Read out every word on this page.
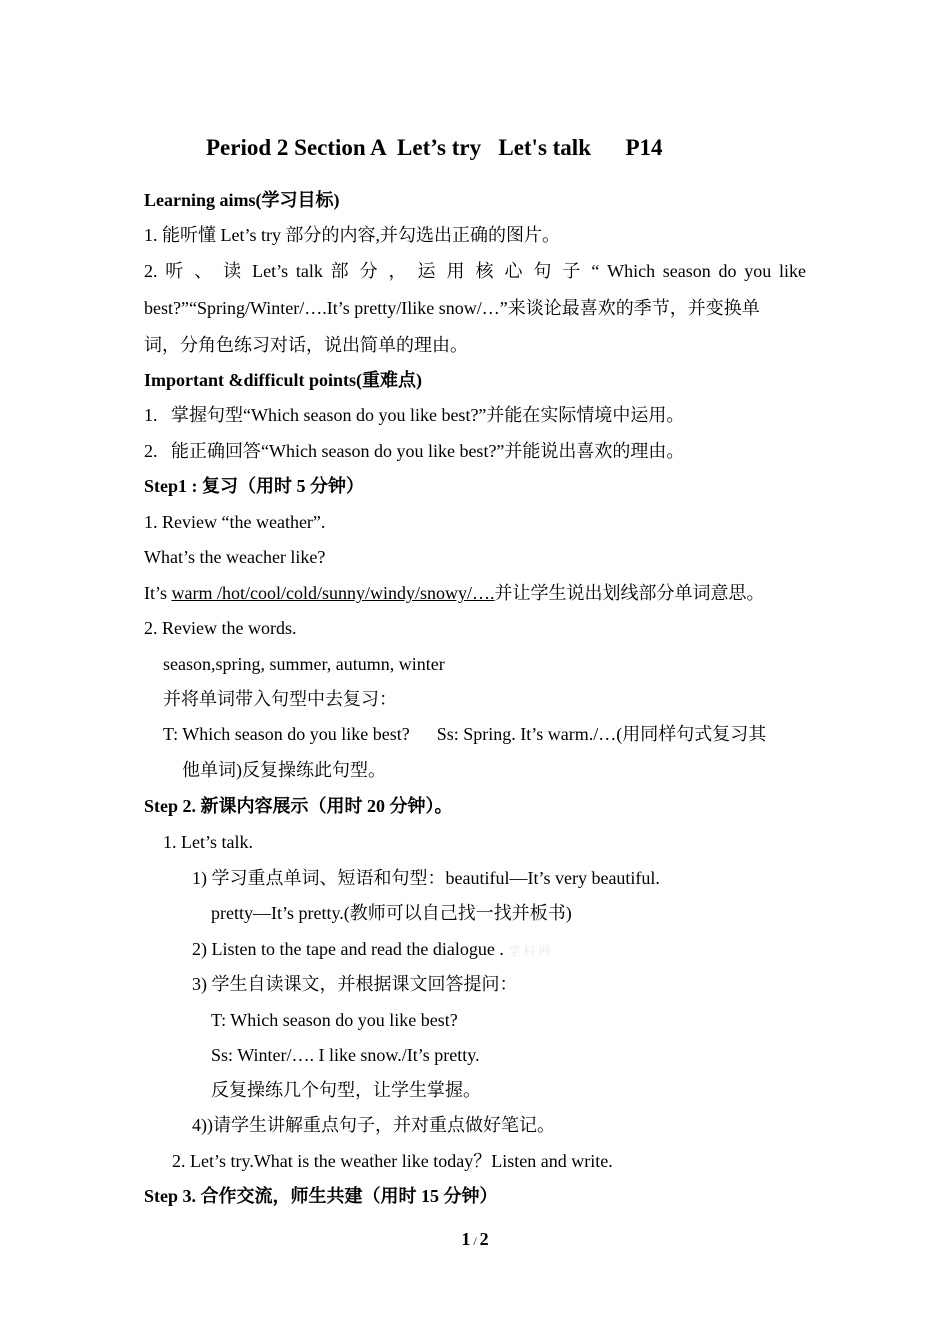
Period 2 Section A  Let’s try   Let's talk      P14
Learning aims(学习目标)
1. 能听懂 Let’s try 部分的内容,并勾选出正确的图片。
2. 听 、 读 Let’s talk 部 分 ， 运 用 核 心 句 子 “ Which season do you like
best?”“Spring/Winter/….It’s pretty/Ilike snow/…”来谈论最喜欢的季节，并变换单
词，分角色练习对话，说出简单的理由。
Important &difficult points(重难点)
1.   掌握句型“Which season do you like best?”并能在实际情境中运用。
2.   能正确回答“Which season do you like best?”并能说出喜欢的理由。
Step1 : 复习（用时 5 分钟）
1. Review “the weather”.
What’s the weacher like?
It’s warm /hot/cool/cold/sunny/windy/snowy/….并让学生说出划线部分单词意思。
2. Review the words.
season,spring, summer, autumn, winter
并将单词带入句型中去复习：
T: Which season do you like best?      Ss: Spring. It’s warm./…(用同样句式复习其
他单词)反复操练此句型。
Step 2. 新课内容展示（用时 20 分钟）。
1. Let’s talk.
1) 学习重点单词、短语和句型：beautiful—It’s very beautiful.
pretty—It’s pretty.(教师可以自己找一找并板书)
2) Listen to the tape and read the dialogue . 学 科 网
3) 学生自读课文，并根据课文回答提问：
T: Which season do you like best?
Ss: Winter/…. I like snow./It’s pretty.
反复操练几个句型，让学生掌握。
4))请学生讲解重点句子，并对重点做好笔记。
2. Let’s try.What is the weather like today？Listen and write.
Step 3. 合作交流，师生共建（用时 15 分钟）
1 / 2
